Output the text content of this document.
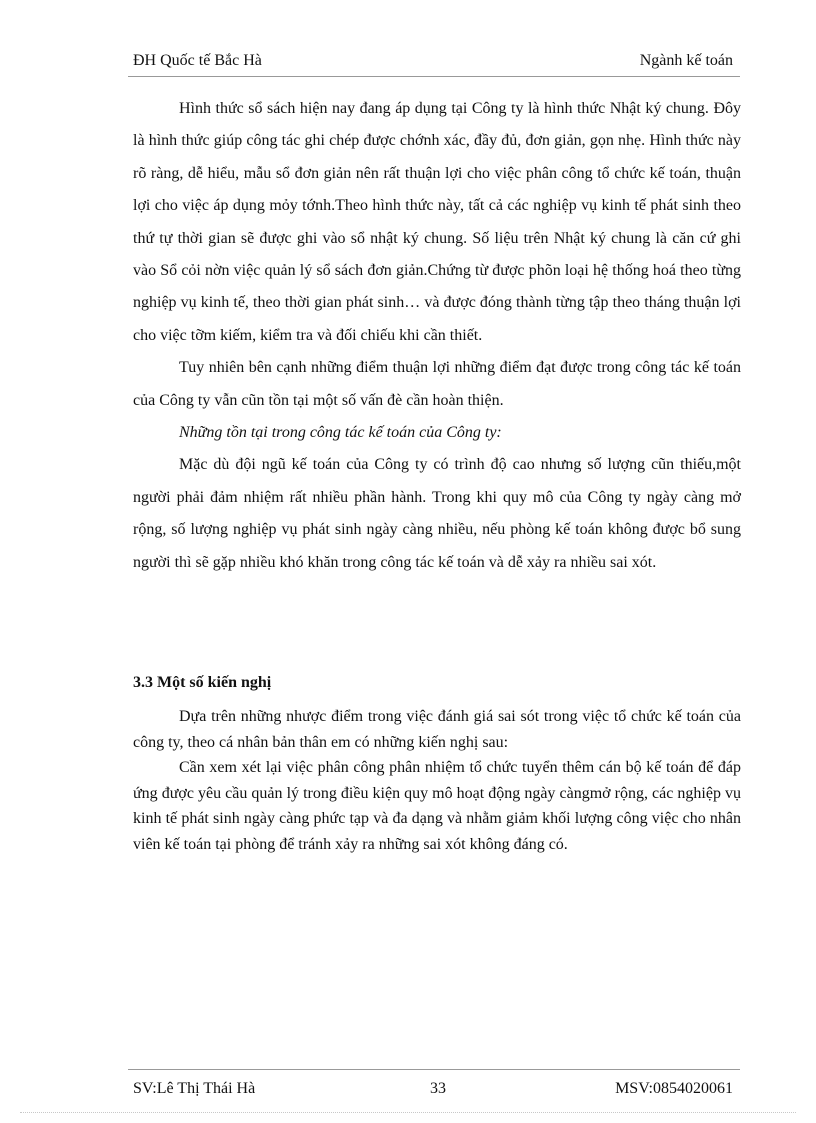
ĐH Quốc tế Bắc Hà	Ngành kế toán

Hình thức sổ sách hiện nay đang áp dụng tại Công ty là hình thức Nhật ký chung. Đôy là hình thức giúp công tác ghi chép được chớnh xác, đầy đủ, đơn giản, gọn nhẹ. Hình thức này rõ ràng, dễ hiểu, mẫu sổ đơn giản nên rất thuận lợi cho việc phân công tổ chức kế toán, thuận lợi cho việc áp dụng mỏy tớnh.Theo hình thức này, tất cả các nghiệp vụ kinh tế phát sinh theo thứ tự thời gian sẽ được ghi vào sổ nhật ký chung. Số liệu trên Nhật ký chung là căn cứ ghi vào Sổ cỏi nờn việc quản lý sổ sách đơn giản.Chứng từ được phõn loại hệ thống hoá theo từng nghiệp vụ kinh tế, theo thời gian phát sinh… và được đóng thành từng tập theo tháng thuận lợi cho việc tỡm kiếm, kiểm tra và đối chiếu khi cần thiết.

Tuy nhiên bên cạnh những điểm thuận lợi những điểm đạt được trong công tác kế toán của Công ty vẫn cũn tồn tại một số vấn đè cần hoàn thiện.

Những tồn tại trong công tác kế toán của Công ty:

Mặc dù đội ngũ kế toán của Công ty có trình độ cao nhưng số lượng cũn thiếu,một người phải đảm nhiệm rất nhiều phần hành. Trong khi quy mô của Công ty ngày càng mở rộng, số lượng nghiệp vụ phát sinh ngày càng nhiều, nếu phòng kế toán không được bổ sung người thì sẽ gặp nhiều khó khăn trong công tác kế toán và dễ xảy ra nhiều sai xót.

3.3 Một số kiến nghị

Dựa trên những nhược điểm trong việc đánh giá sai sót trong việc tổ chức kế toán của công ty, theo cá nhân bản thân em có những kiến nghị sau:

Cần xem xét lại việc phân công phân nhiệm tổ chức tuyển thêm cán bộ kế toán để đáp ứng được yêu cầu quản lý trong điều kiện quy mô hoạt động ngày càngmở rộng, các nghiệp vụ kinh tế phát sinh ngày càng phức tạp và đa dạng và nhằm giảm khối lượng công việc cho nhân viên kế toán tại phòng để tránh xảy ra những sai xót không đáng có.

SV:Lê Thị Thái Hà	33	MSV:0854020061
